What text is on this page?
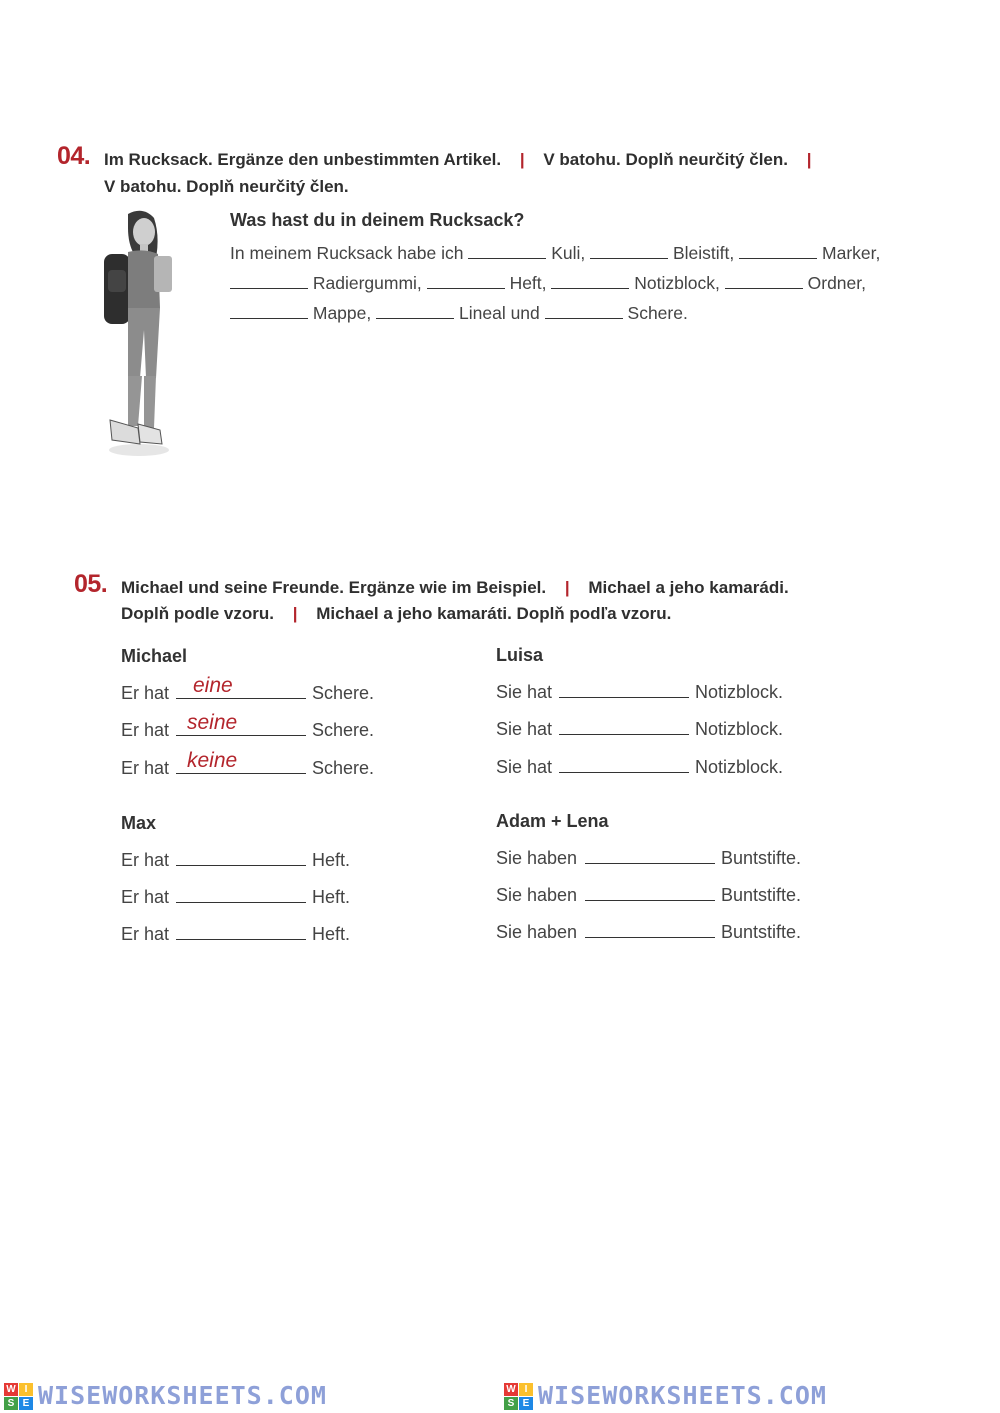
04. Im Rucksack. Ergänze den unbestimmten Artikel. | V batohu. Doplň neurčitý člen. |
V batohu. Doplň neurčitý člen.
Was hast du in deinem Rucksack?
In meinem Rucksack habe ich	Kuli,	Bleistift,	Marker,
Radiergummi,	Heft,	Notizblock,	Ordner,
Mappe,	Lineal und	Schere.
05. Michael und seine Freunde. Ergänze wie im Beispiel. | Michael a jeho kamarádi.
Doplň podle vzoru. | Michael a jeho kamaráti. Doplň podľa vzoru.
Michael
Er hat eine	Schere.
Er hat seine	Schere.
Er hat keine	Schere.
Luisa
Sie hat	Notizblock.
Sie hat	Notizblock.
Sie hat	Notizblock.
Max
Er hat	Heft.
Er hat	Heft.
Er hat	Heft.
Adam + Lena
Sie haben	Buntstifte.
Sie haben	Buntstifte.
Sie haben	Buntstifte.
W I
S E WISEWORKSHEETS.COM	W I
S E WISEWORKSHEETS.COM
